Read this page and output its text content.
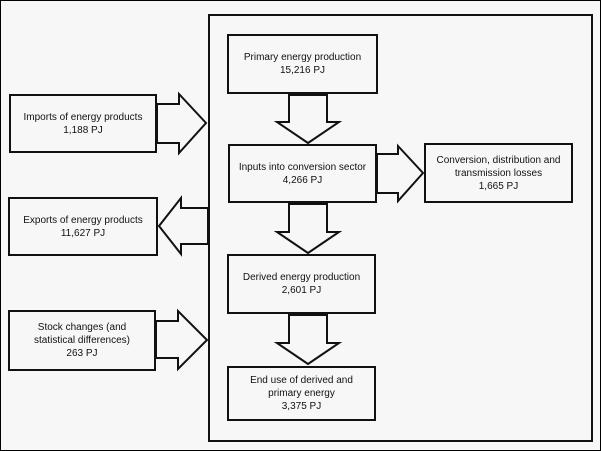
Imports of energy products
1,188 PJ
Exports of energy products
11,627 PJ
Stock changes (and statistical differences)
263 PJ
Primary energy production
15,216 PJ
Inputs into conversion sector
4,266 PJ
Conversion, distribution and transmission losses
1,665 PJ
Derived energy production
2,601 PJ
End use of derived and primary energy
3,375 PJ
